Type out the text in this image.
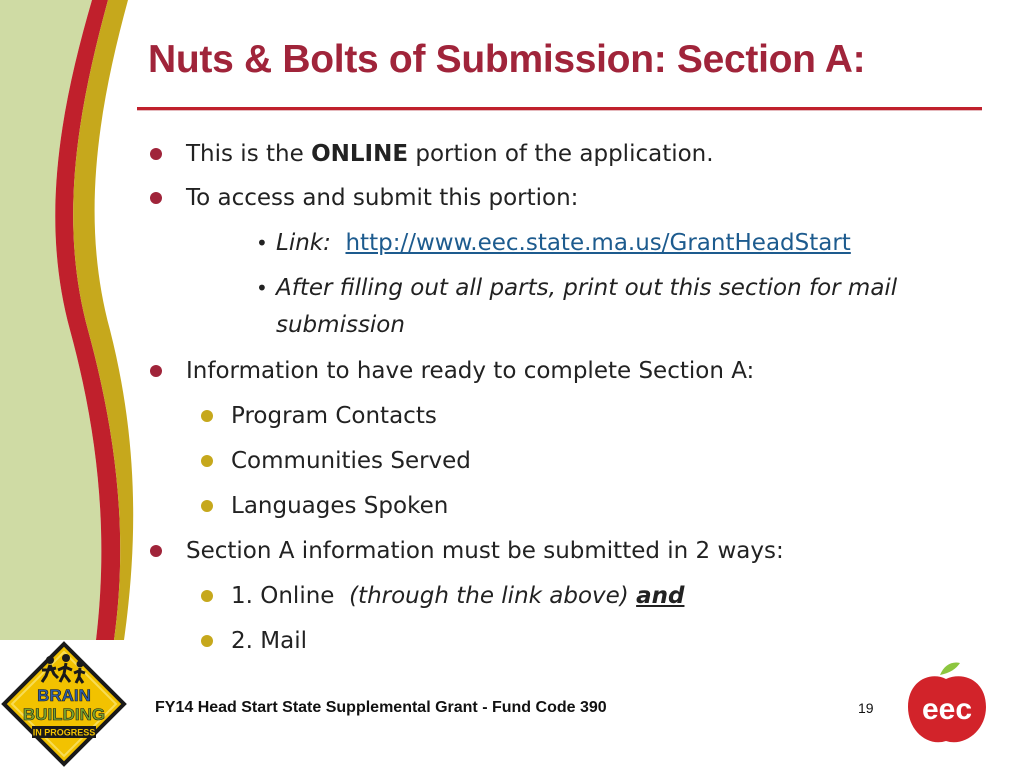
Nuts & Bolts of Submission: Section A:
This is the ONLINE portion of the application.
To access and submit this portion:
• Link: http://www.eec.state.ma.us/GrantHeadStart
• After filling out all parts, print out this section for mail
submission
Information to have ready to complete Section A:
Program Contacts
Communities Served
Languages Spoken
Section A information must be submitted in 2 ways:
1. Online  (through the link above) and
2. Mail
BRAIN
BUILDING
IN PROGRESS
FY14 Head Start State Supplemental Grant - Fund Code 390	19 eec
